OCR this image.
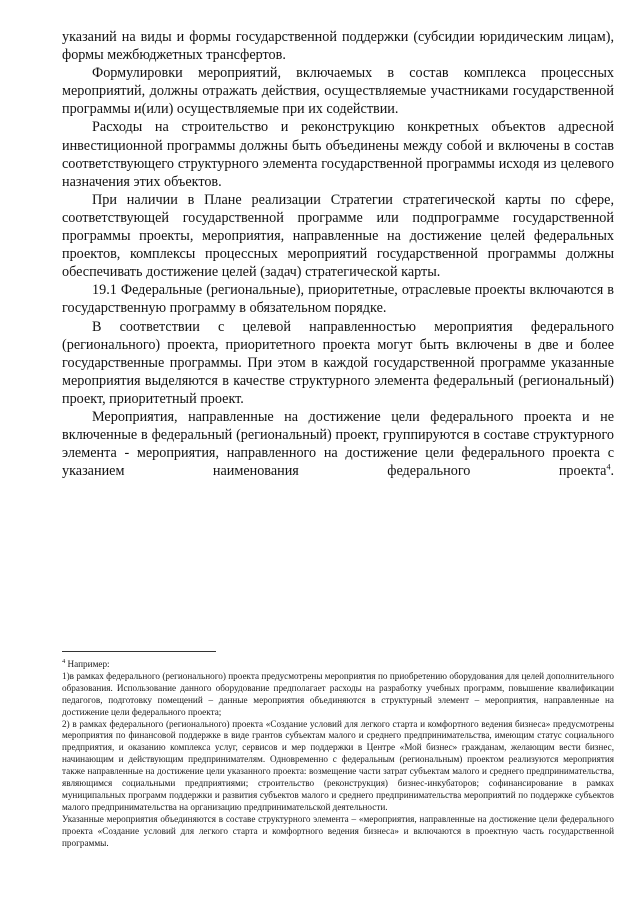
указаний на виды и формы государственной поддержки (субсидии юридическим лицам), формы межбюджетных трансфертов.

Формулировки мероприятий, включаемых в состав комплекса процессных мероприятий, должны отражать действия, осуществляемые участниками государственной программы и(или) осуществляемые при их содействии.

Расходы на строительство и реконструкцию конкретных объектов адресной инвестиционной программы должны быть объединены между собой и включены в состав соответствующего структурного элемента государственной программы исходя из целевого назначения этих объектов.

При наличии в Плане реализации Стратегии стратегической карты по сфере, соответствующей государственной программе или подпрограмме государственной программы проекты, мероприятия, направленные на достижение целей федеральных проектов, комплексы процессных мероприятий государственной программы должны обеспечивать достижение целей (задач) стратегической карты.

19.1 Федеральные (региональные), приоритетные, отраслевые проекты включаются в государственную программу в обязательном порядке.

В соответствии с целевой направленностью мероприятия федерального (регионального) проекта, приоритетного проекта могут быть включены в две и более государственные программы. При этом в каждой государственной программе указанные мероприятия выделяются в качестве структурного элемента федеральный (региональный) проект, приоритетный проект.

Мероприятия, направленные на достижение цели федерального проекта и не включенные в федеральный (региональный) проект, группируются в составе структурного элемента - мероприятия, направленного на достижение цели федерального проекта с указанием наименования федерального проекта$^4$.

$^4$ Например:

1)в рамках федерального (регионального) проекта предусмотрены мероприятия по приобретению оборудования для целей дополнительного образования. Использование данного оборудование предполагает расходы на разработку учебных программ, повышение квалификации педагогов, подготовку помещений – данные мероприятия объединяются в структурный элемент – мероприятия, направленные на достижение цели федерального проекта;

2) в рамках федерального (регионального) проекта «Создание условий для легкого старта и комфортного ведения бизнеса» предусмотрены мероприятия по финансовой поддержке в виде грантов субъектам малого и среднего предпринимательства, имеющим статус социального предприятия, и оказанию комплекса услуг, сервисов и мер поддержки в Центре «Мой бизнес» гражданам, желающим вести бизнес, начинающим и действующим предпринимателям. Одновременно с федеральным (региональным) проектом реализуются мероприятия также направленные на достижение цели указанного проекта: возмещение части затрат субъектам малого и среднего предпринимательства, являющимся социальными предприятиями; строительство (реконструкция) бизнес-инкубаторов; софинансирование в рамках муниципальных программ поддержки и развития субъектов малого и среднего предпринимательства мероприятий по поддержке субъектов малого предпринимательства на организацию предпринимательской деятельности.

Указанные мероприятия объединяются в составе структурного элемента – «мероприятия, направленные на достижение цели федерального проекта «Создание условий для легкого старта и комфортного ведения бизнеса» и включаются в проектную часть государственной программы.
